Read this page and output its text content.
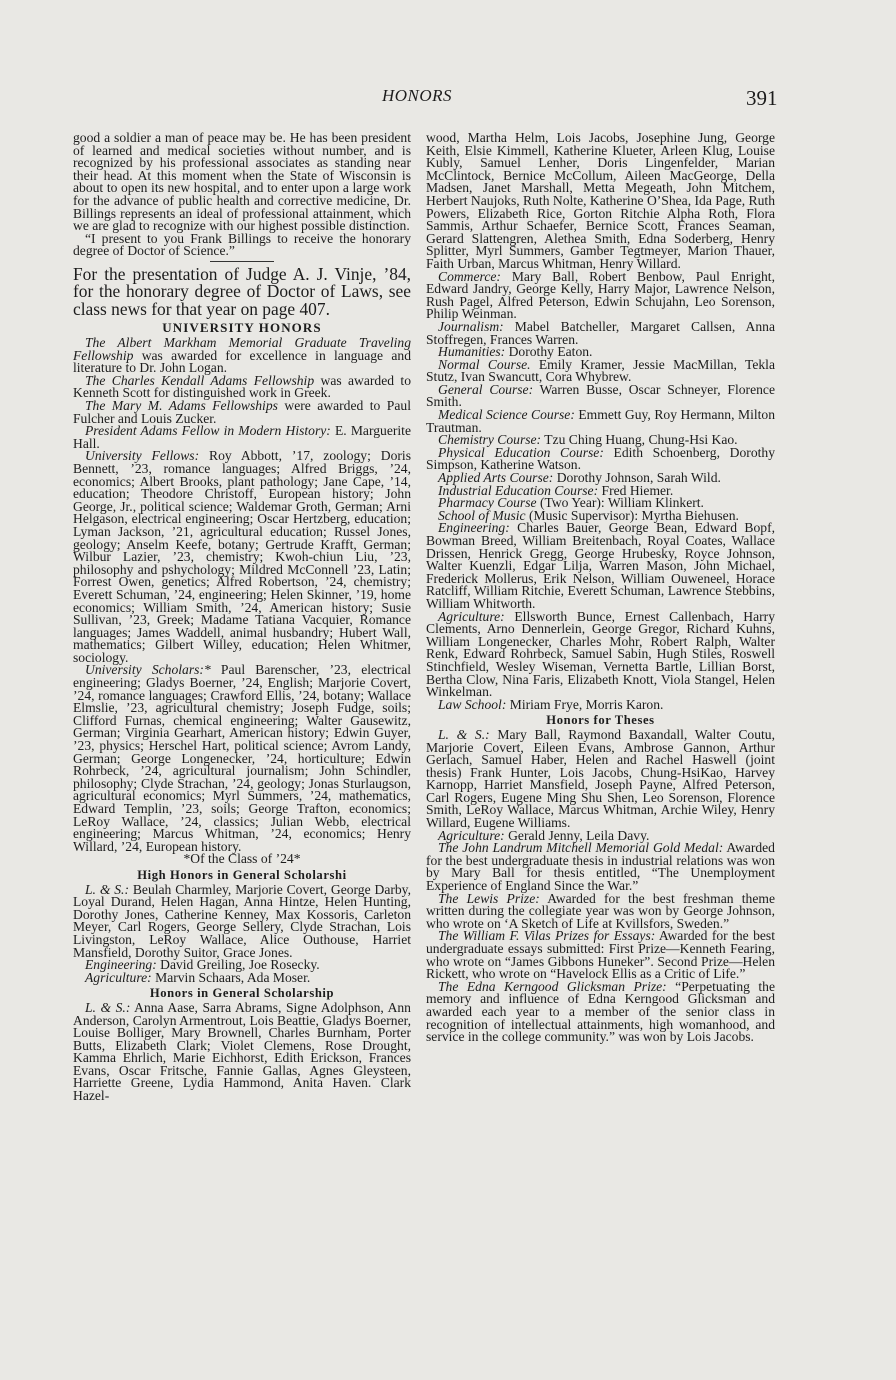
HONORS	391

good a soldier a man of peace may be. He has been president of learned and medical societies without number, and is recognized by his professional associates as standing near their head. At this moment when the State of Wisconsin is about to open its new hospital, and to enter upon a large work for the advance of public health and corrective medicine, Dr. Billings represents an ideal of professional attainment, which we are glad to recognize with our highest possible distinction.

“I present to you Frank Billings to receive the honorary degree of Doctor of Science.”

For the presentation of Judge A. J. Vinje, ’84, for the honorary degree of Doctor of Laws, see class news for that year on page 407.

UNIVERSITY HONORS

The Albert Markham Memorial Graduate Traveling Fellowship was awarded for excellence in language and literature to Dr. John Logan.

The Charles Kendall Adams Fellowship was awarded to Kenneth Scott for distinguished work in Greek.

The Mary M. Adams Fellowships were awarded to Paul Fulcher and Louis Zucker.

President Adams Fellow in Modern History: E. Marguerite Hall.

University Fellows: Roy Abbott, ’17, zoology; Doris Bennett, ’23, romance languages; Alfred Briggs, ’24, economics; Albert Brooks, plant pathology; Jane Cape, ’14, education; Theodore Christoff, European history; John George, Jr., political science; Waldemar Groth, German; Arni Helgason, electrical engineering; Oscar Hertzberg, education; Lyman Jackson, ’21, agricultural education; Russel Jones, geology; Anselm Keefe, botany; Gertrude Krafft, German; Wilbur Lazier, ’23, chemistry; Kwoh-chiun Liu, ’23, philosophy and pshychology; Mildred McConnell ’23, Latin; Forrest Owen, genetics; Alfred Robertson, ’24, chemistry; Everett Schuman, ’24, engineering; Helen Skinner, ’19, home economics; William Smith, ’24, American history; Susie Sullivan, ’23, Greek; Madame Tatiana Vacquier, Romance languages; James Waddell, animal husbandry; Hubert Wall, mathematics; Gilbert Willey, education; Helen Whitmer, sociology.

University Scholars:* Paul Barenscher, ’23, electrical engineering; Gladys Boerner, ’24, English; Marjorie Covert, ’24, romance languages; Crawford Ellis, ’24, botany; Wallace Elmslie, ’23, agricultural chemistry; Joseph Fudge, soils; Clifford Furnas, chemical engineering; Walter Gausewitz, German; Virginia Gearhart, American history; Edwin Guyer, ’23, physics; Herschel Hart, political science; Avrom Landy, German; George Longenecker, ’24, horticulture; Edwin Rohrbeck, ’24, agricultural journalism; John Schindler, philosophy; Clyde Strachan, ’24, geology; Jonas Sturlaugson, agricultural economics; Myrl Summers, ’24, mathematics, Edward Templin, ’23, soils; George Trafton, economics; LeRoy Wallace, ’24, classics; Julian Webb, electrical engineering; Marcus Whitman, ’24, economics; Henry Willard, ’24, European history.

*Of the Class of ’24*

High Honors in General Scholarshi

L. & S.: Beulah Charmley, Marjorie Covert, George Darby, Loyal Durand, Helen Hagan, Anna Hintze, Helen Hunting, Dorothy Jones, Catherine Kenney, Max Kossoris, Carleton Meyer, Carl Rogers, George Sellery, Clyde Strachan, Lois Livingston, LeRoy Wallace, Alice Outhouse, Harriet Mansfield, Dorothy Suitor, Grace Jones.

Engineering: David Greiling, Joe Rosecky.

Agriculture: Marvin Schaars, Ada Moser.

Honors in General Scholarship

L. & S.: Anna Aase, Sarra Abrams, Signe Adolphson, Ann Anderson, Carolyn Armentrout, Lois Beattie, Gladys Boerner, Louise Bolliger, Mary Brownell, Charles Burnham, Porter Butts, Elizabeth Clark; Violet Clemens, Rose Drought, Kamma Ehrlich, Marie Eichhorst, Edith Erickson, Frances Evans, Oscar Fritsche, Fannie Gallas, Agnes Gleysteen, Harriette Greene, Lydia Hammond, Anita Haven. Clark Hazel-

wood, Martha Helm, Lois Jacobs, Josephine Jung, George Keith, Elsie Kimmell, Katherine Klueter, Arleen Klug, Louise Kubly, Samuel Lenher, Doris Lingenfelder, Marian McClintock, Bernice McCollum, Aileen MacGeorge, Della Madsen, Janet Marshall, Metta Megeath, John Mitchem, Herbert Naujoks, Ruth Nolte, Katherine O’Shea, Ida Page, Ruth Powers, Elizabeth Rice, Gorton Ritchie Alpha Roth, Flora Sammis, Arthur Schaefer, Bernice Scott, Frances Seaman, Gerard Slattengren, Alethea Smith, Edna Soderberg, Henry Splitter, Myrl Summers, Gamber Tegtmeyer, Marion Thauer, Faith Urban, Marcus Whitman, Henry Willard.

Commerce: Mary Ball, Robert Benbow, Paul Enright, Edward Jandry, George Kelly, Harry Major, Lawrence Nelson, Rush Pagel, Alfred Peterson, Edwin Schujahn, Leo Sorenson, Philip Weinman.

Journalism: Mabel Batcheller, Margaret Callsen, Anna Stoffregen, Frances Warren.

Humanities: Dorothy Eaton.

Normal Course. Emily Kramer, Jessie MacMillan, Tekla Stutz, Ivan Swancutt, Cora Whybrew.

General Course: Warren Busse, Oscar Schneyer, Florence Smith.

Medical Science Course: Emmett Guy, Roy Hermann, Milton Trautman.

Chemistry Course: Tzu Ching Huang, Chung-Hsi Kao.

Physical Education Course: Edith Schoenberg, Dorothy Simpson, Katherine Watson.

Applied Arts Course: Dorothy Johnson, Sarah Wild.

Industrial Education Course: Fred Hiemer.

Pharmacy Course (Two Year): William Klinkert.

School of Music (Music Supervisor): Myrtha Biehusen.

Engineering: Charles Bauer, George Bean, Edward Bopf, Bowman Breed, William Breitenbach, Royal Coates, Wallace Drissen, Henrick Gregg, George Hrubesky, Royce Johnson, Walter Kuenzli, Edgar Lilja, Warren Mason, John Michael, Frederick Mollerus, Erik Nelson, William Ouweneel, Horace Ratcliff, William Ritchie, Everett Schuman, Lawrence Stebbins, William Whitworth.

Agriculture: Ellsworth Bunce, Ernest Callenbach, Harry Clements, Arno Dennerlein, George Gregor, Richard Kuhns, William Longenecker, Charles Mohr, Robert Ralph, Walter Renk, Edward Rohrbeck, Samuel Sabin, Hugh Stiles, Roswell Stinchfield, Wesley Wiseman, Vernetta Bartle, Lillian Borst, Bertha Clow, Nina Faris, Elizabeth Knott, Viola Stangel, Helen Winkelman.

Law School: Miriam Frye, Morris Karon.

Honors for Theses

L. & S.: Mary Ball, Raymond Baxandall, Walter Coutu, Marjorie Covert, Eileen Evans, Ambrose Gannon, Arthur Gerlach, Samuel Haber, Helen and Rachel Haswell (joint thesis) Frank Hunter, Lois Jacobs, Chung-HsiKao, Harvey Karnopp, Harriet Mansfield, Joseph Payne, Alfred Peterson, Carl Rogers, Eugene Ming Shu Shen, Leo Sorenson, Florence Smith, LeRoy Wallace, Marcus Whitman, Archie Wiley, Henry Willard, Eugene Williams.

Agriculture: Gerald Jenny, Leila Davy.

The John Landrum Mitchell Memorial Gold Medal: Awarded for the best undergraduate thesis in industrial relations was won by Mary Ball for thesis entitled, “The Unemployment Experience of England Since the War.”

The Lewis Prize: Awarded for the best freshman theme written during the collegiate year was won by George Johnson, who wrote on ‘A Sketch of Life at Kvillsfors, Sweden.”

The William F. Vilas Prizes for Essays: Awarded for the best undergraduate essays submitted: First Prize—Kenneth Fearing, who wrote on “James Gibbons Huneker”. Second Prize—Helen Rickett, who wrote on “Havelock Ellis as a Critic of Life.”

The Edna Kerngood Glicksman Prize: “Perpetuating the memory and influence of Edna Kerngood Glicksman and awarded each year to a member of the senior class in recognition of intellectual attainments, high womanhood, and service in the college community.” was won by Lois Jacobs.
